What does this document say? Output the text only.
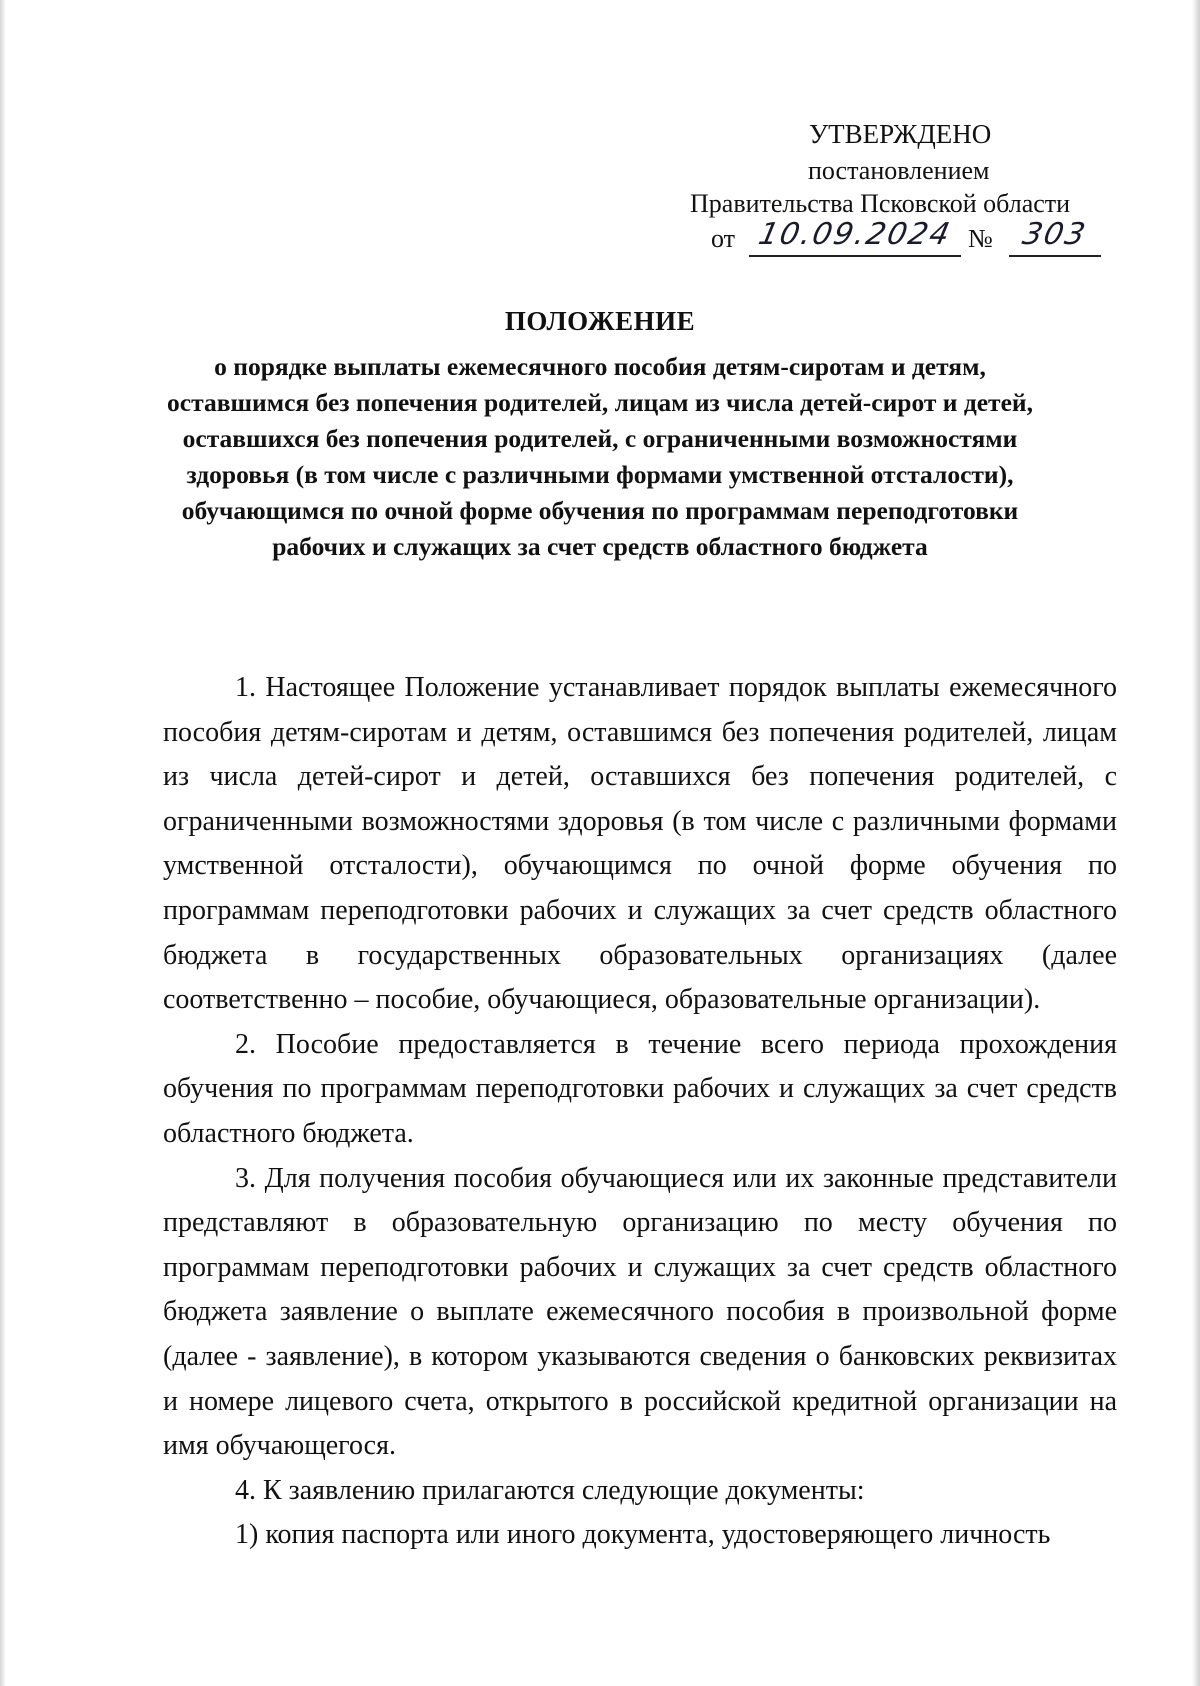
УТВЕРЖДЕНО
постановлением
Правительства Псковской области
от 10.09.2024 № 303
ПОЛОЖЕНИЕ
о порядке выплаты ежемесячного пособия детям-сиротам и детям, оставшимся без попечения родителей, лицам из числа детей-сирот и детей, оставшихся без попечения родителей, с ограниченными возможностями здоровья (в том числе с различными формами умственной отсталости), обучающимся по очной форме обучения по программам переподготовки рабочих и служащих за счет средств областного бюджета

1. Настоящее Положение устанавливает порядок выплаты ежемесячного пособия детям-сиротам и детям, оставшимся без попечения родителей, лицам из числа детей-сирот и детей, оставшихся без попечения родителей, с ограниченными возможностями здоровья (в том числе с различными формами умственной отсталости), обучающимся по очной форме обучения по программам переподготовки рабочих и служащих за счет средств областного бюджета в государственных образовательных организациях (далее соответственно – пособие, обучающиеся, образовательные организации).

2. Пособие предоставляется в течение всего периода прохождения обучения по программам переподготовки рабочих и служащих за счет средств областного бюджета.

3. Для получения пособия обучающиеся или их законные представители представляют в образовательную организацию по месту обучения по программам переподготовки рабочих и служащих за счет средств областного бюджета заявление о выплате ежемесячного пособия в произвольной форме (далее - заявление), в котором указываются сведения о банковских реквизитах и номере лицевого счета, открытого в российской кредитной организации на имя обучающегося.

4. К заявлению прилагаются следующие документы:

1) копия паспорта или иного документа, удостоверяющего личность
